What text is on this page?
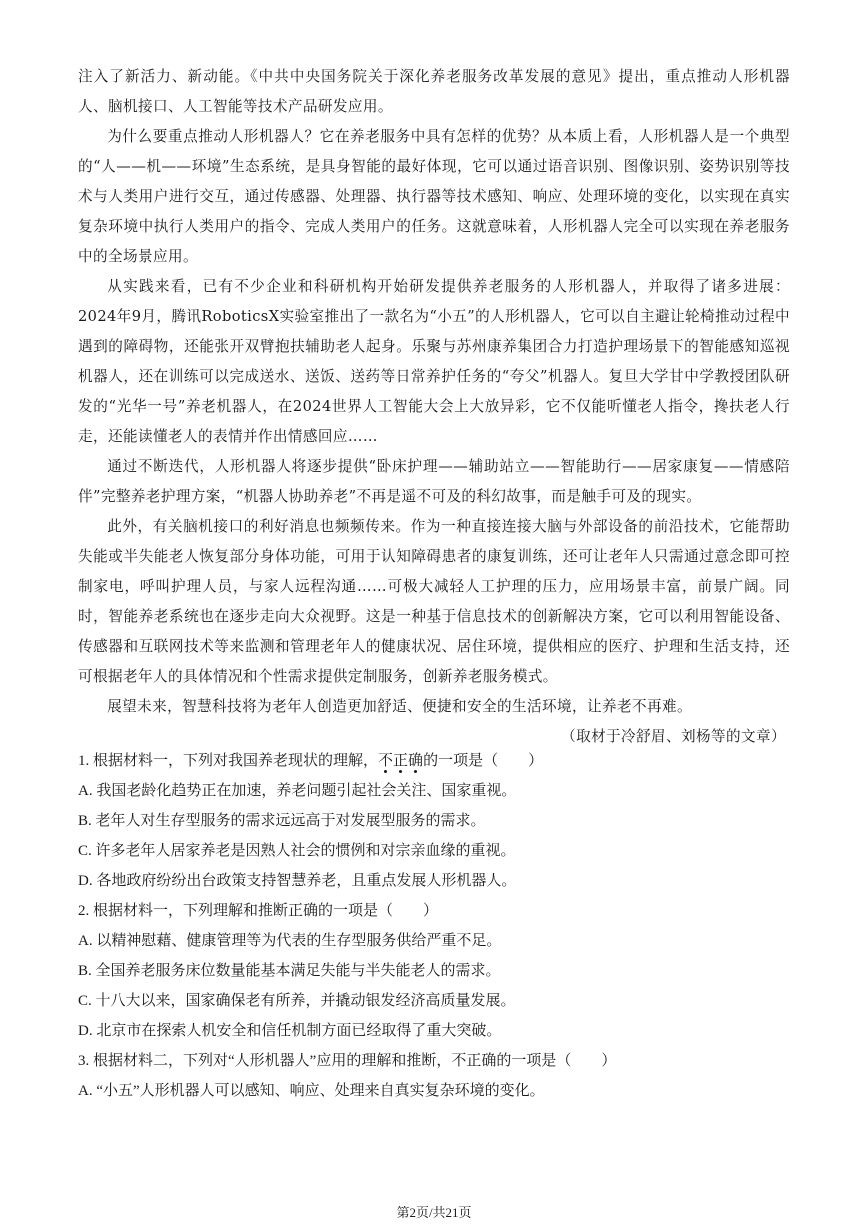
注入了新活力、新动能。《中共中央国务院关于深化养老服务改革发展的意见》提出，重点推动人形机器人、脑机接口、人工智能等技术产品研发应用。

为什么要重点推动人形机器人？它在养老服务中具有怎样的优势？从本质上看，人形机器人是一个典型的“人——机——环境”生态系统，是具身智能的最好体现，它可以通过语音识别、图像识别、姿势识别等技术与人类用户进行交互，通过传感器、处理器、执行器等技术感知、响应、处理环境的变化，以实现在真实复杂环境中执行人类用户的指令、完成人类用户的任务。这就意味着，人形机器人完全可以实现在养老服务中的全场景应用。

从实践来看，已有不少企业和科研机构开始研发提供养老服务的人形机器人，并取得了诸多进展：2024年9月，腾讯RoboticsX实验室推出了一款名为“小五”的人形机器人，它可以自主避让轮椅推动过程中遇到的障碍物，还能张开双臂抱扶辅助老人起身。乐聚与苏州康养集团合力打造护理场景下的智能感知巡视机器人，还在训练可以完成送水、送饭、送药等日常养护任务的“夸父”机器人。复旦大学甘中学教授团队研发的“光华一号”养老机器人，在2024世界人工智能大会上大放异彩，它不仅能听懂老人指令，搀扶老人行走，还能读懂老人的表情并作出情感回应……

通过不断迭代，人形机器人将逐步提供“卧床护理——辅助站立——智能助行——居家康复——情感陪伴”完整养老护理方案，“机器人协助养老”不再是遥不可及的科幻故事，而是触手可及的现实。

此外，有关脑机接口的利好消息也频频传来。作为一种直接连接大脑与外部设备的前沿技术，它能帮助失能或半失能老人恢复部分身体功能，可用于认知障碍患者的康复训练，还可让老年人只需通过意念即可控制家电，呼叫护理人员，与家人远程沟通……可极大减轻人工护理的压力，应用场景丰富，前景广阔。同时，智能养老系统也在逐步走向大众视野。这是一种基于信息技术的创新解决方案，它可以利用智能设备、传感器和互联网技术等来监测和管理老年人的健康状况、居住环境，提供相应的医疗、护理和生活支持，还可根据老年人的具体情况和个性需求提供定制服务，创新养老服务模式。

展望未来，智慧科技将为老年人创造更加舒适、便捷和安全的生活环境，让养老不再难。

（取材于冷舒眉、刘杨等的文章）

1. 根据材料一，下列对我国养老现状的理解，不
正
确
的一项是（　　）

A. 我国老龄化趋势正在加速，养老问题引起社会关注、国家重视。

B. 老年人对生存型服务的需求远远高于对发展型服务的需求。

C. 许多老年人居家养老是因熟人社会的惯例和对宗亲血缘的重视。

D. 各地政府纷纷出台政策支持智慧养老，且重点发展人形机器人。

2. 根据材料一，下列理解和推断正确的一项是（　　）

A. 以精神慰藉、健康管理等为代表的生存型服务供给严重不足。

B. 全国养老服务床位数量能基本满足失能与半失能老人的需求。

C. 十八大以来，国家确保老有所养，并撬动银发经济高质量发展。

D. 北京市在探索人机安全和信任机制方面已经取得了重大突破。

3. 根据材料二，下列对“人形机器人”应用的理解和推断，不正确的一项是（　　）

A. “小五”人形机器人可以感知、响应、处理来自真实复杂环境的变化。

第2页/共21页
